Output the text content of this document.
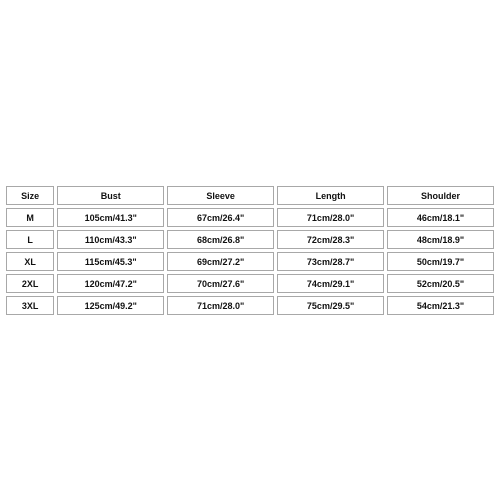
Size	Bust	Sleeve	Length	Shoulder
M	105cm/41.3"	67cm/26.4"	71cm/28.0"	46cm/18.1"
L	110cm/43.3"	68cm/26.8"	72cm/28.3"	48cm/18.9"
XL	115cm/45.3"	69cm/27.2"	73cm/28.7"	50cm/19.7"
2XL	120cm/47.2"	70cm/27.6"	74cm/29.1"	52cm/20.5"
3XL	125cm/49.2"	71cm/28.0"	75cm/29.5"	54cm/21.3"
